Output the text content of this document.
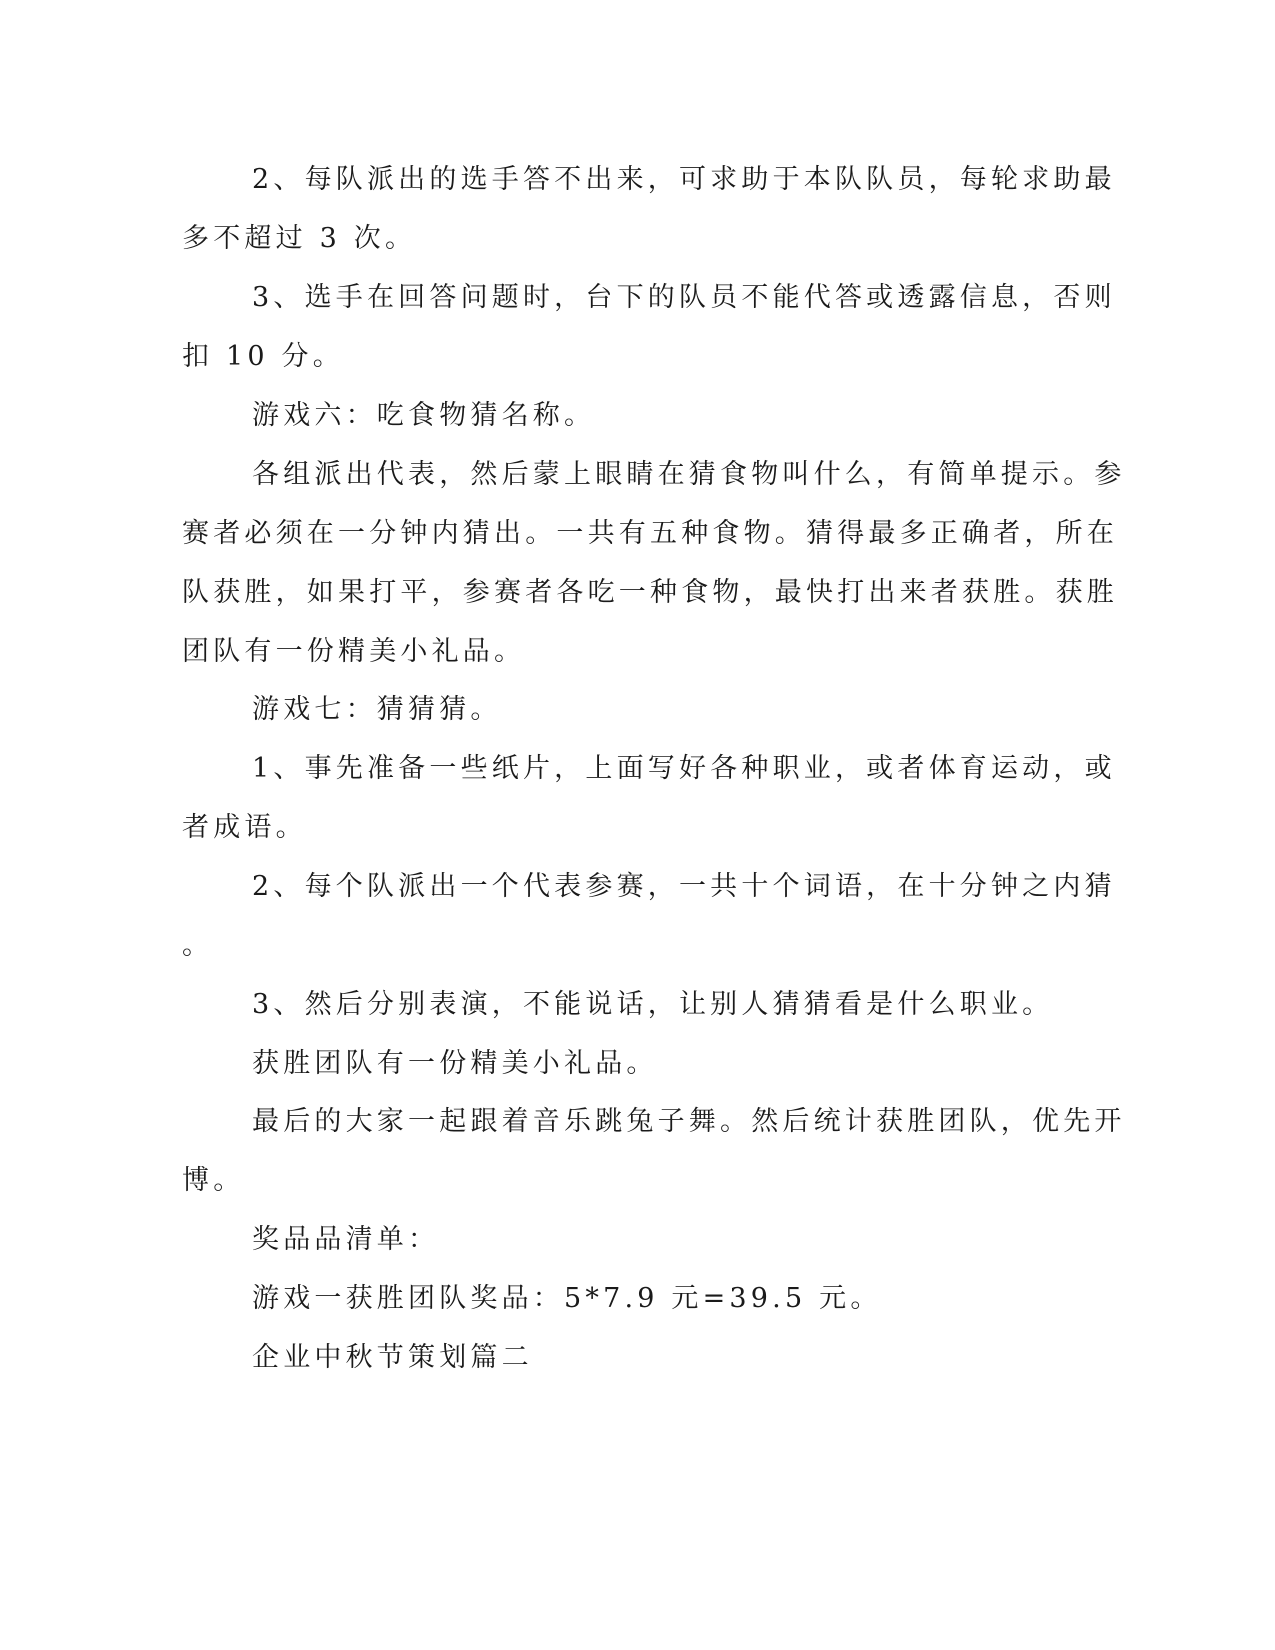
2、每队派出的选手答不出来，可求助于本队队员，每轮求助最
多不超过 3 次。
3、选手在回答问题时，台下的队员不能代答或透露信息，否则
扣 10 分。
游戏六：吃食物猜名称。
各组派出代表，然后蒙上眼睛在猜食物叫什么，有简单提示。参
赛者必须在一分钟内猜出。一共有五种食物。猜得最多正确者，所在
队获胜，如果打平，参赛者各吃一种食物，最快打出来者获胜。获胜
团队有一份精美小礼品。
游戏七：猜猜猜。
1、事先准备一些纸片，上面写好各种职业，或者体育运动，或
者成语。
2、每个队派出一个代表参赛，一共十个词语，在十分钟之内猜
。
3、然后分别表演，不能说话，让别人猜猜看是什么职业。
获胜团队有一份精美小礼品。
最后的大家一起跟着音乐跳兔子舞。然后统计获胜团队，优先开
博。
奖品品清单：
游戏一获胜团队奖品：5*7.9 元=39.5 元。
企业中秋节策划篇二
